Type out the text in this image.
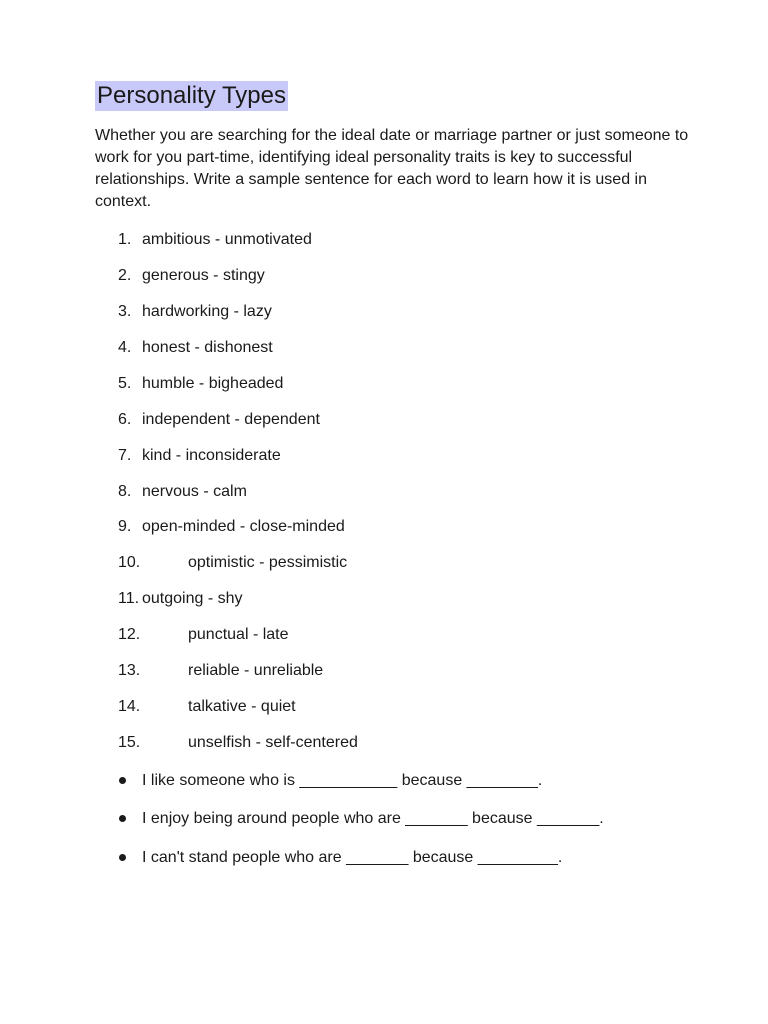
Personality Types

Whether you are searching for the ideal date or marriage partner or just someone to work for you part-time, identifying ideal personality traits is key to successful relationships. Write a sample sentence for each word to learn how it is used in context.

1. ambitious - unmotivated
2. generous - stingy
3. hardworking - lazy
4. honest - dishonest
5. humble - bigheaded
6. independent - dependent
7. kind - inconsiderate
8. nervous - calm
9. open-minded - close-minded
10.	optimistic - pessimistic
11. outgoing - shy
12.	punctual - late
13.	reliable - unreliable
14.	talkative - quiet
15.	unselfish - self-centered
I like someone who is ___________ because ________.
I enjoy being around people who are _______ because _______.
I can't stand people who are _______ because _________.
